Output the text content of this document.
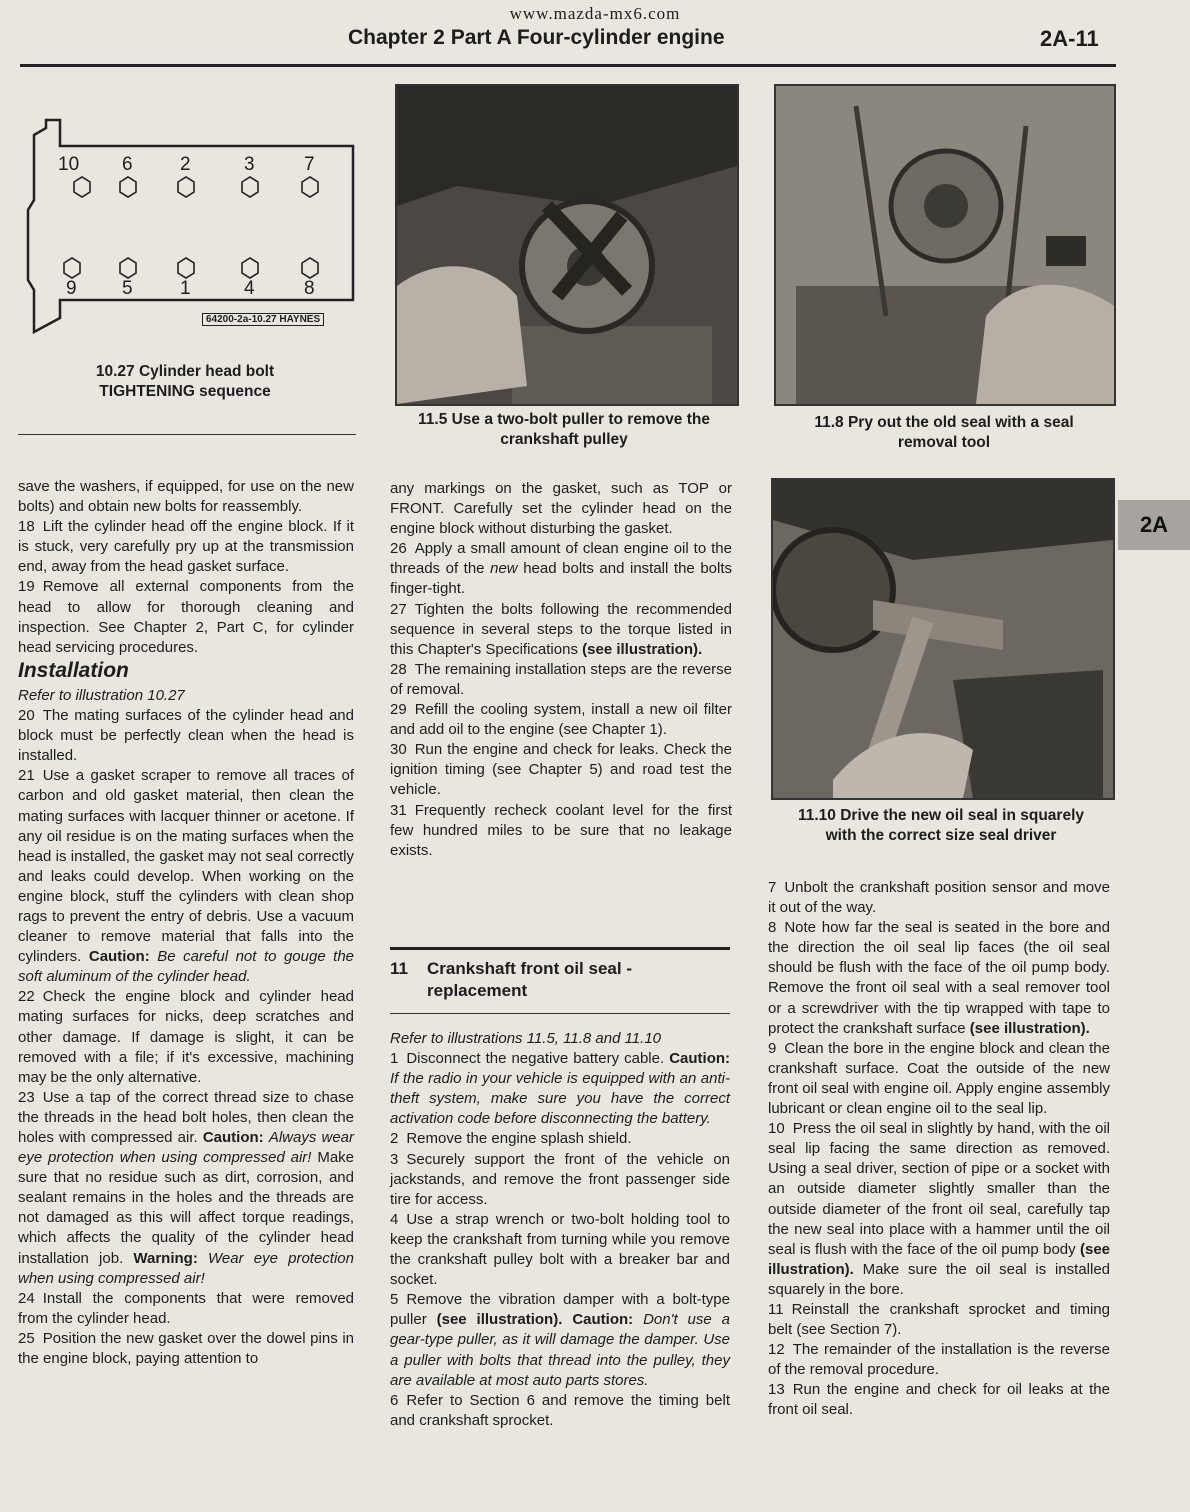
www.mazda-mx6.com
Chapter 2 Part A Four-cylinder engine	2A-11
2A
10 6 2	3	7
9 5 1	4	8
64200-2a-10.27 HAYNES
10.27 Cylinder head bolt
TIGHTENING sequence
11.5 Use a two-bolt puller to remove the
crankshaft pulley
11.8 Pry out the old seal with a seal
removal tool
11.10 Drive the new oil seal in squarely
with the correct size seal driver

save the washers, if equipped, for use on the new bolts) and obtain new bolts for reassembly.

18 Lift the cylinder head off the engine block. If it is stuck, very carefully pry up at the transmission end, away from the head gasket surface.

19 Remove all external components from the head to allow for thorough cleaning and inspection. See Chapter 2, Part C, for cylinder head servicing procedures.

Installation

Refer to illustration 10.27

20 The mating surfaces of the cylinder head and block must be perfectly clean when the head is installed.

21 Use a gasket scraper to remove all traces of carbon and old gasket material, then clean the mating surfaces with lacquer thinner or acetone. If any oil residue is on the mating surfaces when the head is installed, the gasket may not seal correctly and leaks could develop. When working on the engine block, stuff the cylinders with clean shop rags to prevent the entry of debris. Use a vacuum cleaner to remove material that falls into the cylinders. Caution: Be careful not to gouge the soft aluminum of the cylinder head.

22 Check the engine block and cylinder head mating surfaces for nicks, deep scratches and other damage. If damage is slight, it can be removed with a file; if it's excessive, machining may be the only alternative.

23 Use a tap of the correct thread size to chase the threads in the head bolt holes, then clean the holes with compressed air. Caution: Always wear eye protection when using compressed air! Make sure that no residue such as dirt, corrosion, and sealant remains in the holes and the threads are not damaged as this will affect torque readings, which affects the quality of the cylinder head installation job. Warning: Wear eye protection when using compressed air!

24 Install the components that were removed from the cylinder head.

25 Position the new gasket over the dowel pins in the engine block, paying attention to

any markings on the gasket, such as TOP or FRONT. Carefully set the cylinder head on the engine block without disturbing the gasket.

26 Apply a small amount of clean engine oil to the threads of the new head bolts and install the bolts finger-tight.

27 Tighten the bolts following the recommended sequence in several steps to the torque listed in this Chapter's Specifications (see illustration).

28 The remaining installation steps are the reverse of removal.

29 Refill the cooling system, install a new oil filter and add oil to the engine (see Chapter 1).

30 Run the engine and check for leaks. Check the ignition timing (see Chapter 5) and road test the vehicle.

31 Frequently recheck coolant level for the first few hundred miles to be sure that no leakage exists.

11 Crankshaft front oil seal -
replacement

Refer to illustrations 11.5, 11.8 and 11.10

1 Disconnect the negative battery cable. Caution: If the radio in your vehicle is equipped with an anti-theft system, make sure you have the correct activation code before disconnecting the battery.

2 Remove the engine splash shield.

3 Securely support the front of the vehicle on jackstands, and remove the front passenger side tire for access.

4 Use a strap wrench or two-bolt holding tool to keep the crankshaft from turning while you remove the crankshaft pulley bolt with a breaker bar and socket.

5 Remove the vibration damper with a bolt-type puller (see illustration). Caution: Don't use a gear-type puller, as it will damage the damper. Use a puller with bolts that thread into the pulley, they are available at most auto parts stores.

6 Refer to Section 6 and remove the timing belt and crankshaft sprocket.

7 Unbolt the crankshaft position sensor and move it out of the way.

8 Note how far the seal is seated in the bore and the direction the oil seal lip faces (the oil seal should be flush with the face of the oil pump body. Remove the front oil seal with a seal remover tool or a screwdriver with the tip wrapped with tape to protect the crankshaft surface (see illustration).

9 Clean the bore in the engine block and clean the crankshaft surface. Coat the outside of the new front oil seal with engine oil. Apply engine assembly lubricant or clean engine oil to the seal lip.

10 Press the oil seal in slightly by hand, with the oil seal lip facing the same direction as removed. Using a seal driver, section of pipe or a socket with an outside diameter slightly smaller than the outside diameter of the front oil seal, carefully tap the new seal into place with a hammer until the oil seal is flush with the face of the oil pump body (see illustration). Make sure the oil seal is installed squarely in the bore.

11 Reinstall the crankshaft sprocket and timing belt (see Section 7).

12 The remainder of the installation is the reverse of the removal procedure.

13 Run the engine and check for oil leaks at the front oil seal.
